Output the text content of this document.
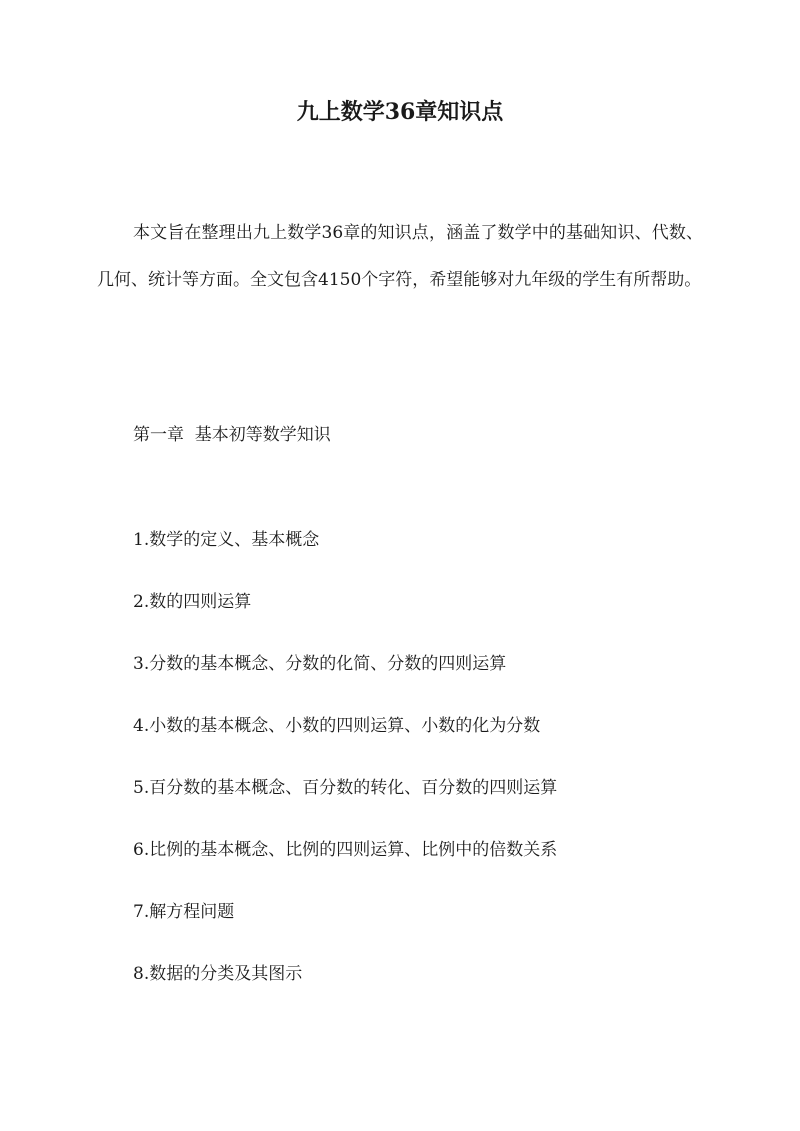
九上数学36章知识点

本文旨在整理出九上数学36章的知识点，涵盖了数学中的基础知识、代数、几何、统计等方面。全文包含4150个字符，希望能够对九年级的学生有所帮助。

第一章  基本初等数学知识

1.数学的定义、基本概念
2.数的四则运算
3.分数的基本概念、分数的化简、分数的四则运算
4.小数的基本概念、小数的四则运算、小数的化为分数
5.百分数的基本概念、百分数的转化、百分数的四则运算
6.比例的基本概念、比例的四则运算、比例中的倍数关系
7.解方程问题
8.数据的分类及其图示
